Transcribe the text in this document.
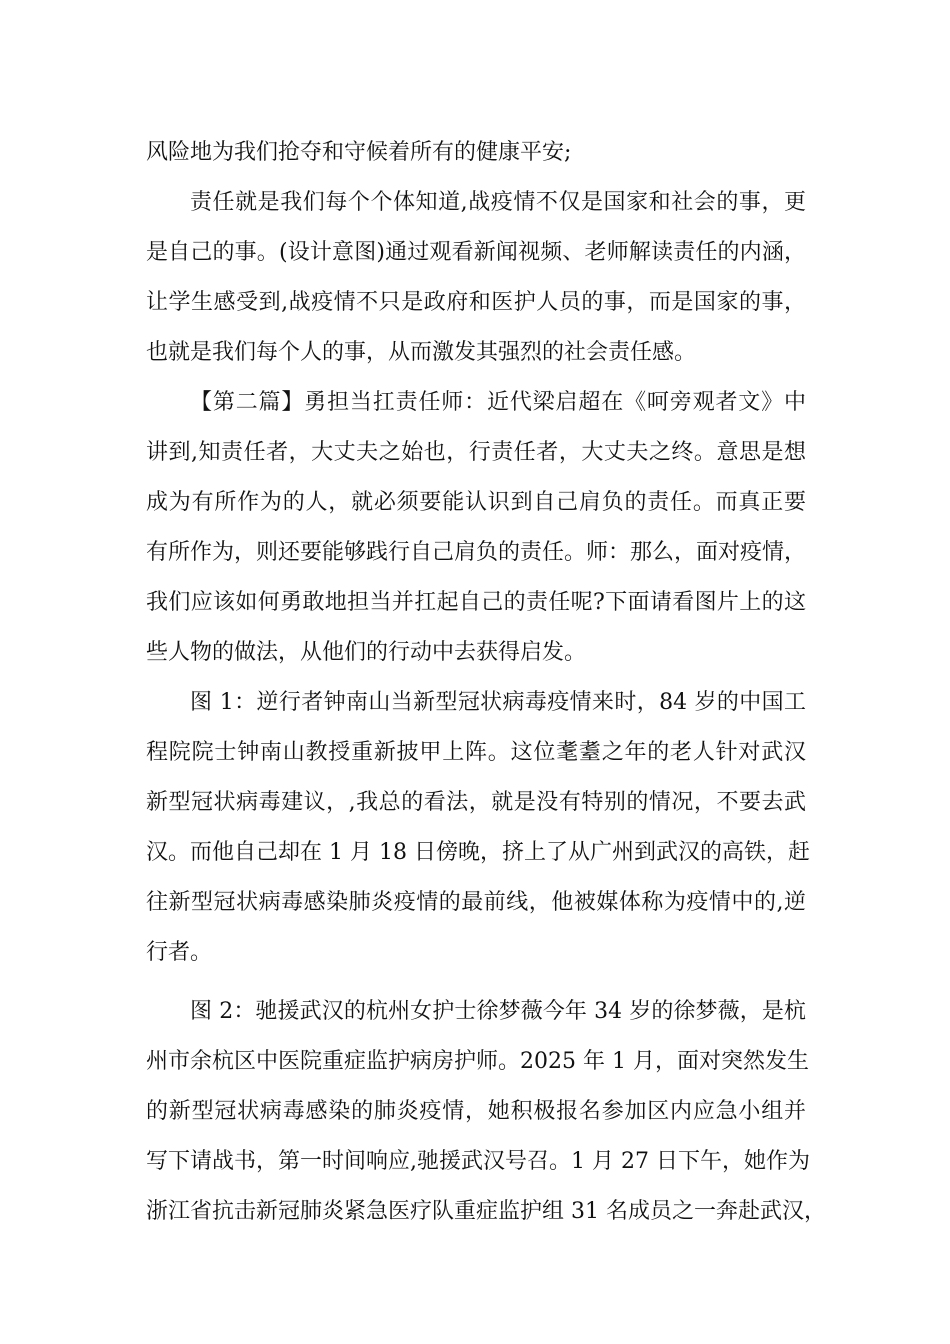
风险地为我们抢夺和守候着所有的健康平安;
责任就是我们每个个体知道,战疫情不仅是国家和社会的事，更
是自己的事。(设计意图)通过观看新闻视频、老师解读责任的内涵，
让学生感受到,战疫情不只是政府和医护人员的事，而是国家的事，
也就是我们每个人的事，从而激发其强烈的社会责任感。
【第二篇】勇担当扛责任师：近代梁启超在《呵旁观者文》中
讲到,知责任者，大丈夫之始也，行责任者，大丈夫之终。意思是想
成为有所作为的人，就必须要能认识到自己肩负的责任。而真正要
有所作为，则还要能够践行自己肩负的责任。师：那么，面对疫情，
我们应该如何勇敢地担当并扛起自己的责任呢?下面请看图片上的这
些人物的做法，从他们的行动中去获得启发。
图 1：逆行者钟南山当新型冠状病毒疫情来时，84 岁的中国工
程院院士钟南山教授重新披甲上阵。这位耄耋之年的老人针对武汉
新型冠状病毒建议，,我总的看法，就是没有特别的情况，不要去武
汉。而他自己却在 1 月 18 日傍晚，挤上了从广州到武汉的高铁，赶
往新型冠状病毒感染肺炎疫情的最前线，他被媒体称为疫情中的,逆
行者。
图 2：驰援武汉的杭州女护士徐梦薇今年 34 岁的徐梦薇，是杭
州市余杭区中医院重症监护病房护师。2025 年 1 月，面对突然发生
的新型冠状病毒感染的肺炎疫情，她积极报名参加区内应急小组并
写下请战书，第一时间响应,驰援武汉号召。1 月 27 日下午，她作为
浙江省抗击新冠肺炎紧急医疗队重症监护组 31 名成员之一奔赴武汉，
